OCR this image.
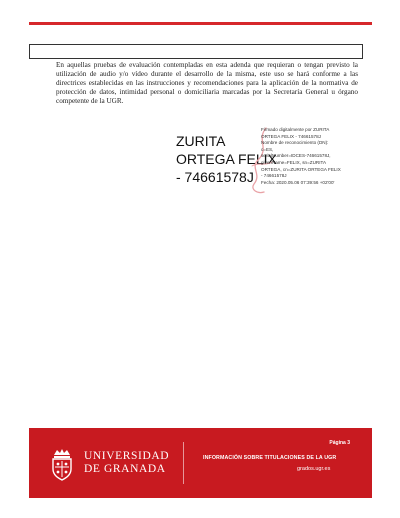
En aquellas pruebas de evaluación contempladas en esta adenda que requieran o tengan previsto la utilización de audio y/o vídeo durante el desarrollo de la misma, este uso se hará conforme a las directrices establecidas en las instrucciones y recomendaciones para la aplicación de la normativa de protección de datos, intimidad personal o domiciliaria marcadas por la Secretaría General u órgano competente de la UGR.

ZURITA
ORTEGA FELIX
- 74661578J
Firmado digitalmente por ZURITA
ORTEGA FELIX - 74661578J
Nombre de reconocimiento (DN):
c=ES,
serialNumber=IDCES-74661578J,
givenName=FELIX, sn=ZURITA
ORTEGA, cn=ZURITA ORTEGA FELIX
- 74661578J
Fecha: 2020.05.06 07:39:56 +02'00'
UNIVERSIDAD
DE GRANADA
Página 3
INFORMACIÓN SOBRE TITULACIONES DE LA UGR
grados.ugr.es
